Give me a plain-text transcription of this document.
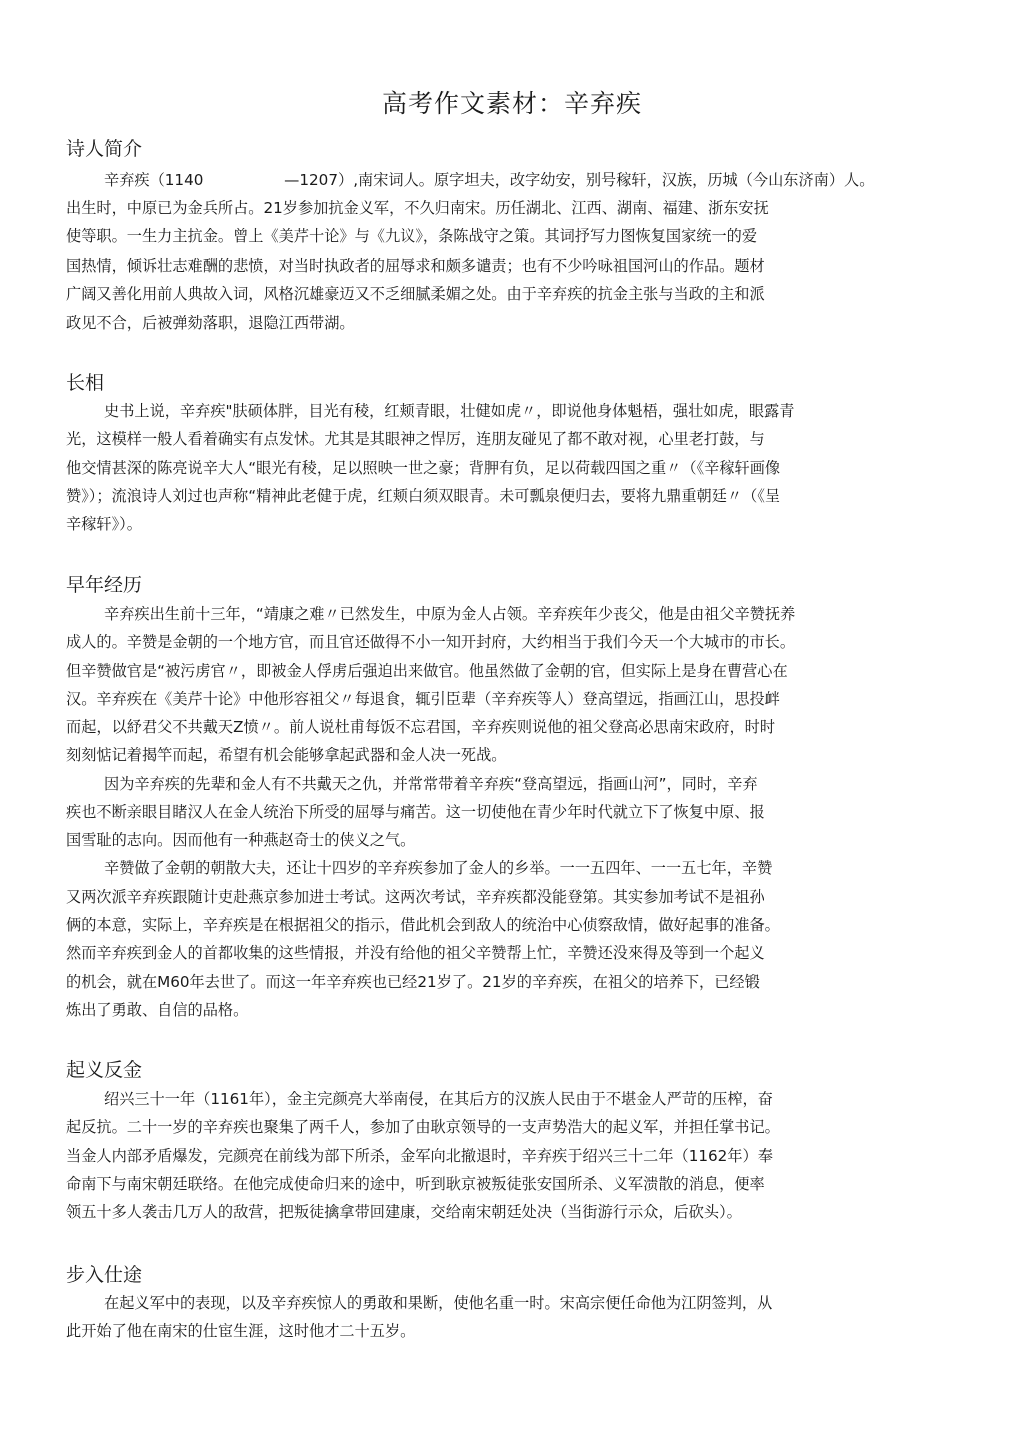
高考作文素材：辛弃疾
诗人简介

辛弃疾（1140 　　　　　—1207）,南宋词人。原字坦夫，改字幼安，别号稼轩，汉族，历城（今山东济南）人。

出生时，中原已为金兵所占。21岁参加抗金义军，不久归南宋。历任湖北、江西、湖南、福建、浙东安抚

使等职。一生力主抗金。曾上《美芹十论》与《九议》，条陈战守之策。其词抒写力图恢复国家统一的爱

国热情，倾诉壮志难酬的悲愤，对当时执政者的屈辱求和颇多谴责；也有不少吟咏祖国河山的作品。题材

广阔又善化用前人典故入词，风格沉雄豪迈又不乏细腻柔媚之处。由于辛弃疾的抗金主张与当政的主和派

政见不合，后被弹劾落职，退隐江西带湖。

长相

史书上说，辛弃疾"肤硕体胖，目光有稜，红颊青眼，壮健如虎〃，即说他身体魁梧，强壮如虎，眼露青

光，这模样一般人看着确实有点发怵。尤其是其眼神之悍厉，连朋友碰见了都不敢对视，心里老打鼓，与

他交情甚深的陈亮说辛大人“眼光有稜，足以照映一世之豪；背胛有负，足以荷载四国之重〃（《辛稼轩画像

赞》）；流浪诗人刘过也声称“精神此老健于虎，红颊白须双眼青。未可瓢泉便归去，要将九鼎重朝廷〃（《呈

辛稼轩》）。

早年经历

辛弃疾出生前十三年，“靖康之难〃已然发生，中原为金人占领。辛弃疾年少丧父，他是由祖父辛赞抚养

成人的。辛赞是金朝的一个地方官，而且官还做得不小一知开封府，大约相当于我们今天一个大城市的市长。

但辛赞做官是“被污虏官〃，即被金人俘虏后强迫出来做官。他虽然做了金朝的官，但实际上是身在曹营心在

汉。辛弃疾在《美芹十论》中他形容祖父〃每退食，辄引臣辈（辛弃疾等人）登高望远，指画江山，思投衅

而起，以紓君父不共戴天Z愤〃。前人说杜甫每饭不忘君国，辛弃疾则说他的祖父登高必思南宋政府，时时

刻刻惦记着揭竿而起，希望有机会能够拿起武器和金人决一死战。

因为辛弃疾的先辈和金人有不共戴天之仇，并常常带着辛弃疾“登高望远，指画山河”，同时，辛弃

疾也不断亲眼目睹汉人在金人统治下所受的屈辱与痛苦。这一切使他在青少年时代就立下了恢复中原、报

国雪耻的志向。因而他有一种燕赵奇士的侠义之气。

辛赞做了金朝的朝散大夫，还让十四岁的辛弃疾参加了金人的乡举。一一五四年、一一五七年，辛赞

又两次派辛弃疾跟随计吏赴燕京参加进士考试。这两次考试，辛弃疾都没能登第。其实参加考试不是祖孙

俩的本意，实际上，辛弃疾是在根据祖父的指示，借此机会到敌人的统治中心侦察敌情，做好起事的准备。

然而辛弃疾到金人的首都收集的这些情报，并没有给他的祖父辛赞帮上忙，辛赞还没來得及等到一个起义

的机会，就在M60年去世了。而这一年辛弃疾也已经21岁了。21岁的辛弃疾，在祖父的培养下，已经锻

炼出了勇敢、自信的品格。

起义反金

绍兴三十一年（1161年），金主完颜亮大举南侵，在其后方的汉族人民由于不堪金人严苛的压榨，奋

起反抗。二十一岁的辛弃疾也聚集了两千人，参加了由耿京领导的一支声势浩大的起义军，并担任掌书记。

当金人内部矛盾爆发，完颜亮在前线为部下所杀，金军向北撤退时，辛弃疾于绍兴三十二年（1162年）奉

命南下与南宋朝廷联络。在他完成使命归来的途中，听到耿京被叛徒张安国所杀、义军溃散的消息，便率

领五十多人袭击几万人的敌营，把叛徒擒拿带回建康，交给南宋朝廷处决（当街游行示众，后砍头）。

步入仕途

在起义军中的表现，以及辛弃疾惊人的勇敢和果断，使他名重一时。宋高宗便任命他为江阴签判，从

此开始了他在南宋的仕宦生涯，这时他才二十五岁。
